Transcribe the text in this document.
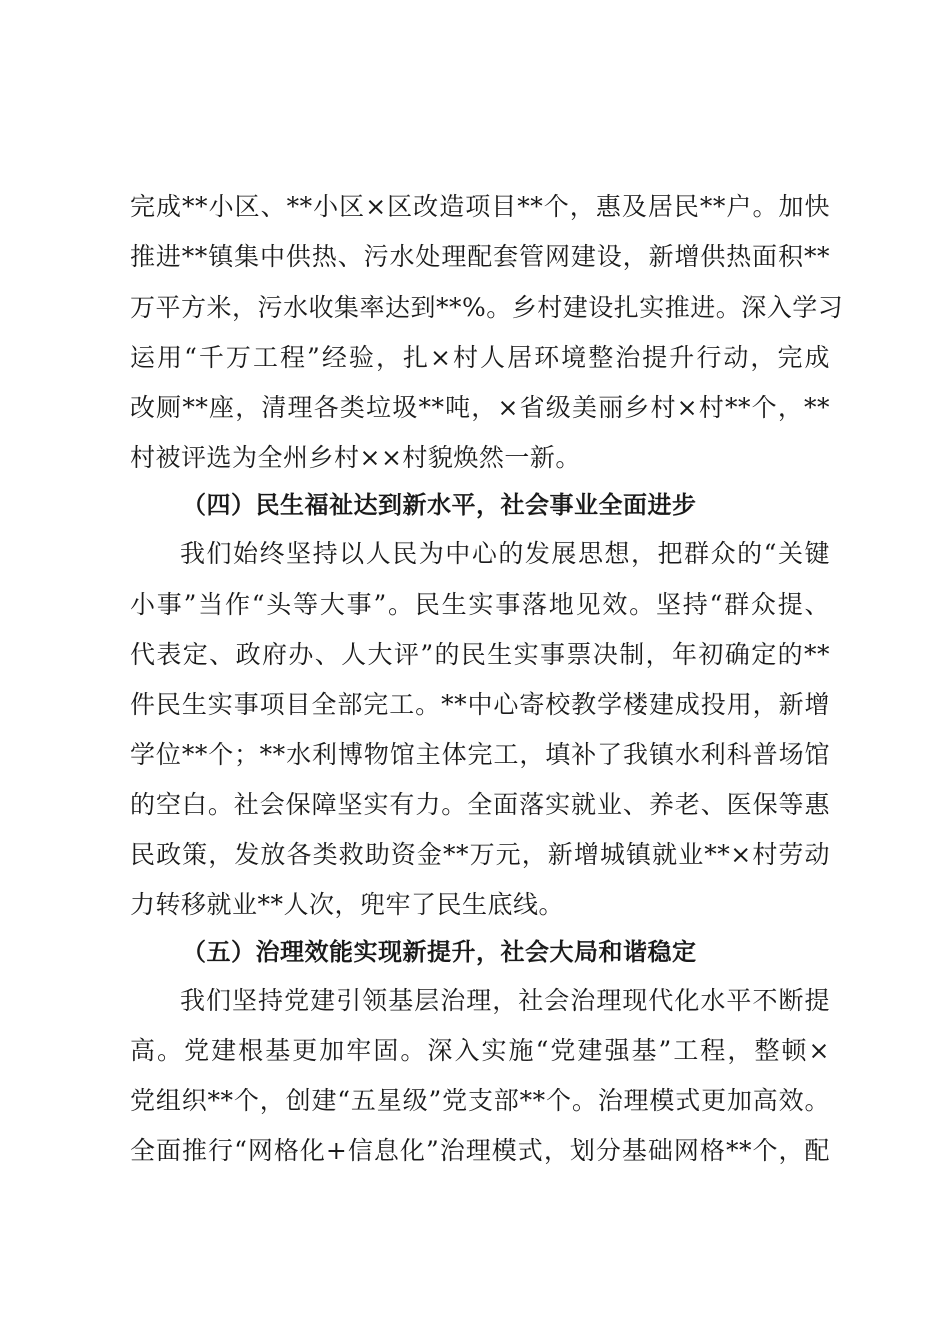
完成**小区、**小区×区改造项目**个，惠及居民**户。加快
推进**镇集中供热、污水处理配套管网建设，新增供热面积**
万平方米，污水收集率达到**%。乡村建设扎实推进。深入学习
运用“千万工程”经验，扎×村人居环境整治提升行动，完成
改厕**座，清理各类垃圾**吨，×省级美丽乡村×村**个，**
村被评选为全州乡村××村貌焕然一新。
（四）民生福祉达到新水平，社会事业全面进步
我们始终坚持以人民为中心的发展思想，把群众的“关键
小事”当作“头等大事”。民生实事落地见效。坚持“群众提、
代表定、政府办、人大评”的民生实事票决制，年初确定的**
件民生实事项目全部完工。**中心寄校教学楼建成投用，新增
学位**个；**水利博物馆主体完工，填补了我镇水利科普场馆
的空白。社会保障坚实有力。全面落实就业、养老、医保等惠
民政策，发放各类救助资金**万元，新增城镇就业**×村劳动
力转移就业**人次，兜牢了民生底线。
（五）治理效能实现新提升，社会大局和谐稳定
我们坚持党建引领基层治理，社会治理现代化水平不断提
高。党建根基更加牢固。深入实施“党建强基”工程，整顿×
党组织**个，创建“五星级”党支部**个。治理模式更加高效。
全面推行“网格化+信息化”治理模式，划分基础网格**个，配
